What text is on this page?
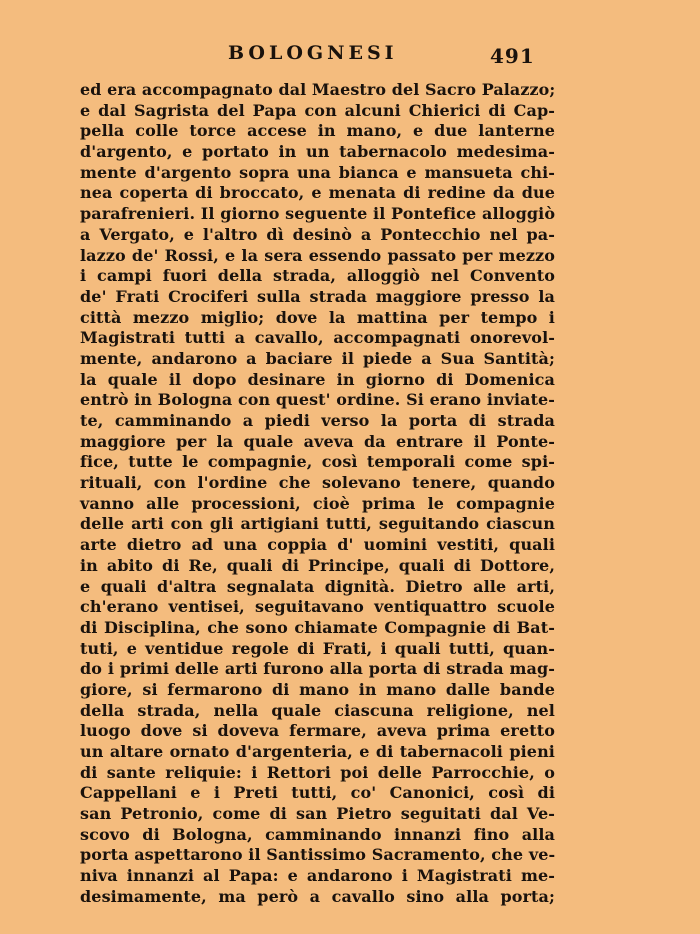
BOLOGNESI	491
ed era accompagnato dal Maestro del Sacro Palazzo;
e dal Sagrista del Papa con alcuni Chierici di Cap-
pella colle torce accese in mano, e due lanterne
d'argento, e portato in un tabernacolo medesima-
mente d'argento sopra una bianca e mansueta chi-
nea coperta di broccato, e menata di redine da due
parafrenieri. Il giorno seguente il Pontefice alloggiò
a Vergato, e l'altro dì desinò a Pontecchio nel pa-
lazzo de' Rossi, e la sera essendo passato per mezzo
i campi fuori della strada, alloggiò nel Convento
de' Frati Crociferi sulla strada maggiore presso la
città mezzo miglio; dove la mattina per tempo i
Magistrati tutti a cavallo, accompagnati onorevol-
mente, andarono a baciare il piede a Sua Santità;
la quale il dopo desinare in giorno di Domenica
entrò in Bologna con quest' ordine. Si erano inviate-
te, camminando a piedi verso la porta di strada
maggiore per la quale aveva da entrare il Ponte-
fice, tutte le compagnie, così temporali come spi-
rituali, con l'ordine che solevano tenere, quando
vanno alle processioni, cioè prima le compagnie
delle arti con gli artigiani tutti, seguitando ciascun
arte dietro ad una coppia d' uomini vestiti, quali
in abito di Re, quali di Principe, quali di Dottore,
e quali d'altra segnalata dignità. Dietro alle arti,
ch'erano ventisei, seguitavano ventiquattro scuole
di Disciplina, che sono chiamate Compagnie di Bat-
tuti, e ventidue regole di Frati, i quali tutti, quan-
do i primi delle arti furono alla porta di strada mag-
giore, si fermarono di mano in mano dalle bande
della strada, nella quale ciascuna religione, nel
luogo dove si doveva fermare, aveva prima eretto
un altare ornato d'argenteria, e di tabernacoli pieni
di sante reliquie: i Rettori poi delle Parrocchie, o
Cappellani e i Preti tutti, co' Canonici, così di
san Petronio, come di san Pietro seguitati dal Ve-
scovo di Bologna, camminando innanzi fino alla
porta aspettarono il Santissimo Sacramento, che ve-
niva innanzi al Papa: e andarono i Magistrati me-
desimamente, ma però a cavallo sino alla porta;
